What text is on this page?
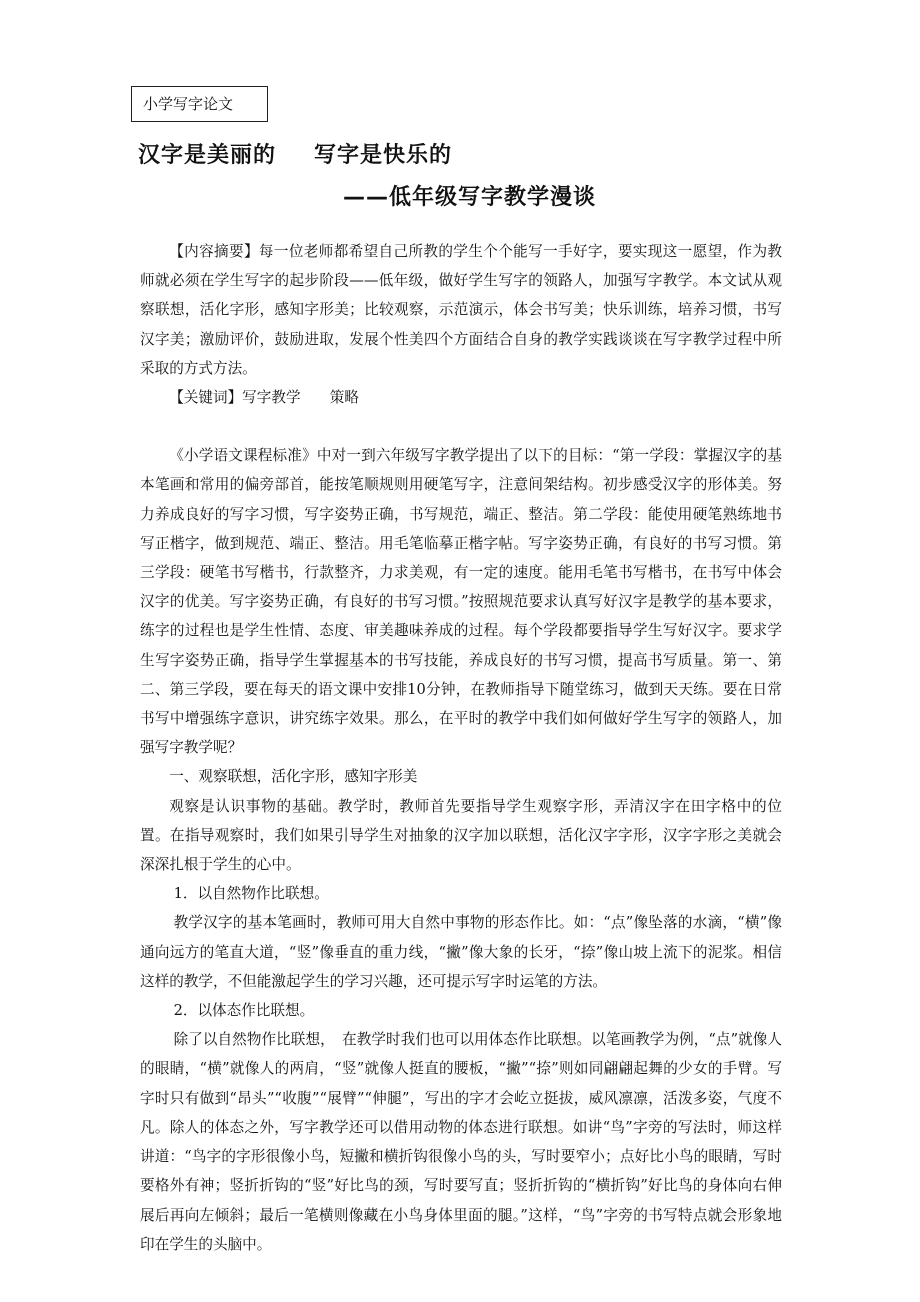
小学写字论文
汉字是美丽的 写字是快乐的
——低年级写字教学漫谈

【内容摘要】每一位老师都希望自己所教的学生个个能写一手好字，要实现这一愿望，作为教师就必须在学生写字的起步阶段——低年级，做好学生写字的领路人，加强写字教学。本文试从观察联想，活化字形，感知字形美；比较观察，示范演示，体会书写美；快乐训练，培养习惯，书写汉字美；激励评价，鼓励进取，发展个性美四个方面结合自身的教学实践谈谈在写字教学过程中所采取的方式方法。

【关键词】写字教学　　策略

《小学语文课程标准》中对一到六年级写字教学提出了以下的目标：“第一学段：掌握汉字的基本笔画和常用的偏旁部首，能按笔顺规则用硬笔写字，注意间架结构。初步感受汉字的形体美。努力养成良好的写字习惯，写字姿势正确，书写规范，端正、整洁。第二学段：能使用硬笔熟练地书写正楷字，做到规范、端正、整洁。用毛笔临摹正楷字帖。写字姿势正确，有良好的书写习惯。第三学段：硬笔书写楷书，行款整齐，力求美观，有一定的速度。能用毛笔书写楷书，在书写中体会汉字的优美。写字姿势正确，有良好的书写习惯。”按照规范要求认真写好汉字是教学的基本要求，练字的过程也是学生性情、态度、审美趣味养成的过程。每个学段都要指导学生写好汉字。要求学生写字姿势正确，指导学生掌握基本的书写技能，养成良好的书写习惯，提高书写质量。第一、第二、第三学段，要在每天的语文课中安排10分钟，在教师指导下随堂练习，做到天天练。要在日常书写中增强练字意识，讲究练字效果。那么，在平时的教学中我们如何做好学生写字的领路人，加强写字教学呢？

一、观察联想，活化字形，感知字形美

观察是认识事物的基础。教学时，教师首先要指导学生观察字形，弄清汉字在田字格中的位置。在指导观察时，我们如果引导学生对抽象的汉字加以联想，活化汉字字形，汉字字形之美就会深深扎根于学生的心中。

1．以自然物作比联想。

教学汉字的基本笔画时，教师可用大自然中事物的形态作比。如：“点”像坠落的水滴，“横”像通向远方的笔直大道，“竖”像垂直的重力线，“撇”像大象的长牙，“捺”像山坡上流下的泥浆。相信这样的教学，不但能激起学生的学习兴趣，还可提示写字时运笔的方法。

2．以体态作比联想。

除了以自然物作比联想，　在教学时我们也可以用体态作比联想。以笔画教学为例，“点”就像人的眼睛，“横”就像人的两肩，“竖”就像人挺直的腰板，“撇”“捺”则如同翩翩起舞的少女的手臂。写字时只有做到“昂头”“收腹”“展臂”“伸腿”，写出的字才会屹立挺拔，威风凛凛，活泼多姿，气度不凡。除人的体态之外，写字教学还可以借用动物的体态进行联想。如讲“鸟”字旁的写法时，师这样讲道：“鸟字的字形很像小鸟，短撇和横折钩很像小鸟的头，写时要窄小；点好比小鸟的眼睛，写时要格外有神；竖折折钩的“竖”好比鸟的颈，写时要写直；竖折折钩的“横折钩”好比鸟的身体向右伸展后再向左倾斜；最后一笔横则像藏在小鸟身体里面的腿。”这样，“鸟”字旁的书写特点就会形象地印在学生的头脑中。
